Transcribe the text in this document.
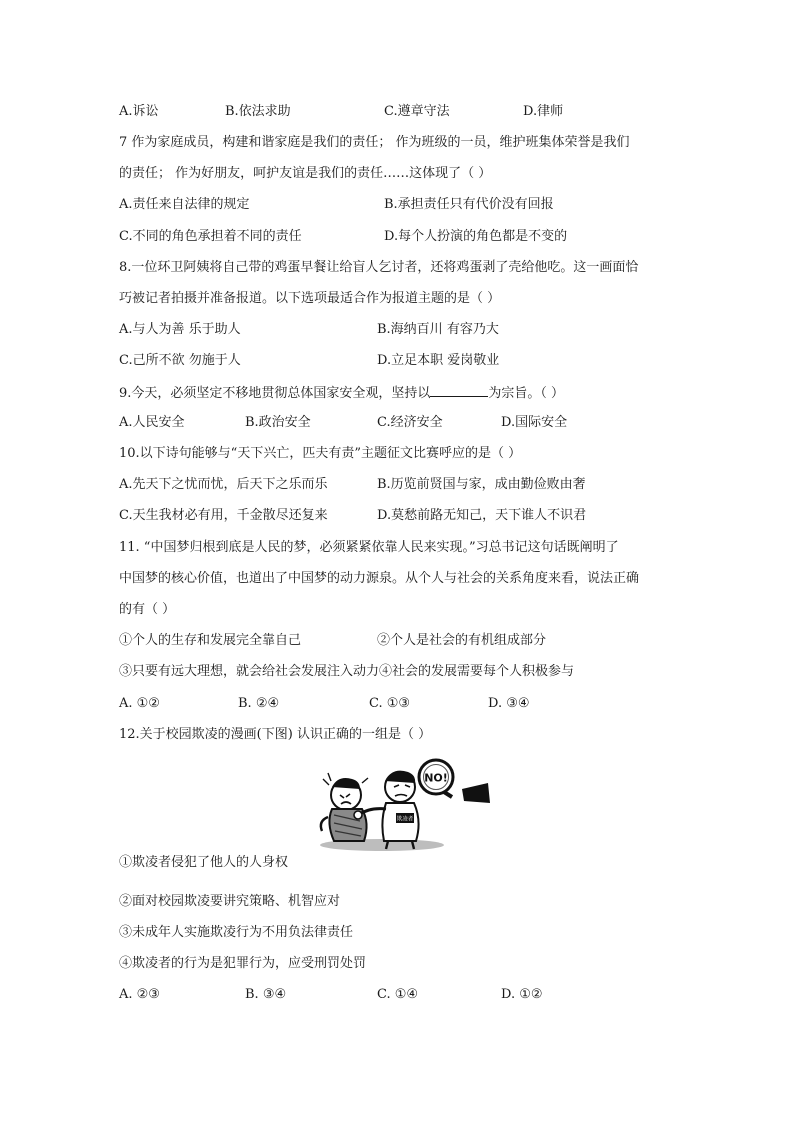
A.诉讼	B.依法求助	C.遵章守法	D.律师
7 作为家庭成员，构建和谐家庭是我们的责任； 作为班级的一员，维护班集体荣誉是我们
的责任； 作为好朋友，呵护友谊是我们的责任……这体现了（ ）
A.责任来自法律的规定	B.承担责任只有代价没有回报
C.不同的角色承担着不同的责任	D.每个人扮演的角色都是不变的
8.一位环卫阿姨将自己带的鸡蛋早餐让给盲人乞讨者，还将鸡蛋剥了壳给他吃。这一画面恰
巧被记者拍摄并准备报道。以下选项最适合作为报道主题的是（ ）
A.与人为善 乐于助人	B.海纳百川 有容乃大
C.己所不欲 勿施于人	D.立足本职 爱岗敬业
9.今天，必须坚定不移地贯彻总体国家安全观，坚持以	为宗旨。（ ）
A.人民安全	B.政治安全	C.经济安全	D.国际安全
10.以下诗句能够与“天下兴亡，匹夫有责”主题征文比赛呼应的是（ ）
A.先天下之忧而忧，后天下之乐而乐	B.历览前贤国与家，成由勤俭败由奢
C.天生我材必有用，千金散尽还复来	D.莫愁前路无知己，天下谁人不识君
11. “中国梦归根到底是人民的梦，必须紧紧依靠人民来实现。”习总书记这句话既阐明了
中国梦的核心价值，也道出了中国梦的动力源泉。从个人与社会的关系角度来看，说法正确
的有（ ）
①个人的生存和发展完全靠自己	②个人是社会的有机组成部分
③只要有远大理想，就会给社会发展注入动力④社会的发展需要每个人积极参与
A. ①②	B. ②④	C. ①③	D. ③④
12.关于校园欺凌的漫画(下图) 认识正确的一组是（ ）
欺凌者
NO!
①欺凌者侵犯了他人的人身权
②面对校园欺凌要讲究策略、机智应对
③未成年人实施欺凌行为不用负法律责任
④欺凌者的行为是犯罪行为，应受刑罚处罚
A. ②③	B. ③④	C. ①④	D. ①②
